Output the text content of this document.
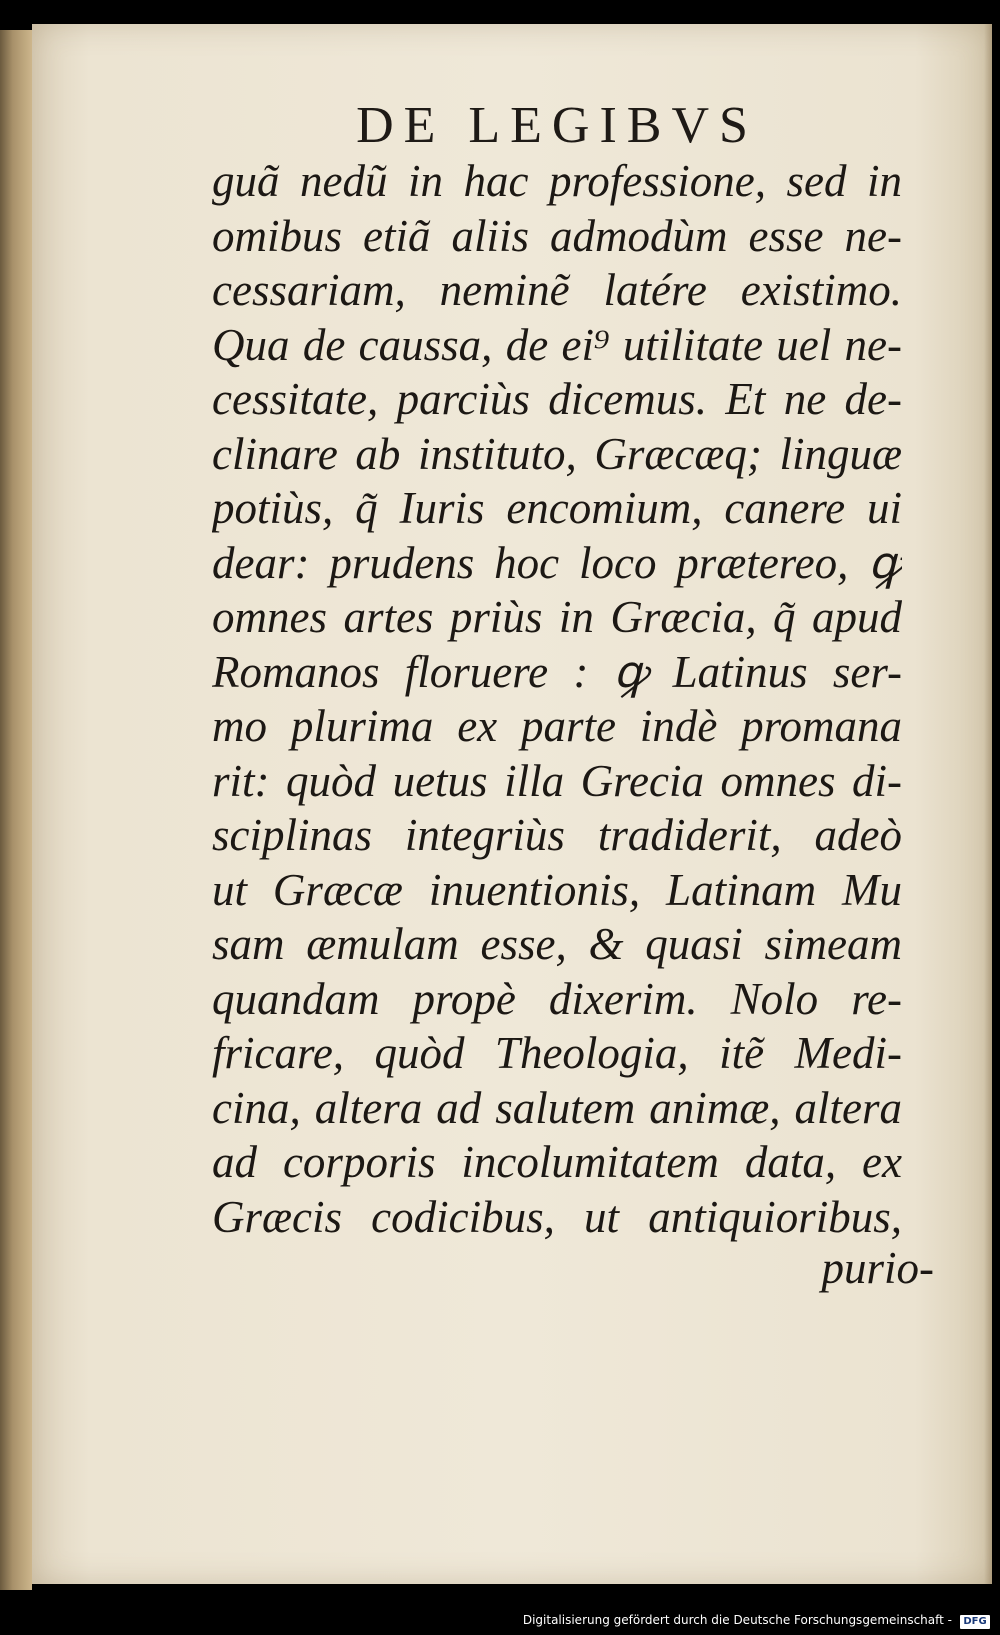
DE LEGIBVS
guã nedũ in hac professione, sed in
omibus etiã aliis admodùm esse ne-
cessariam, neminẽ latére existimo.
Qua de caussa, de ei⁹ utilitate uel ne-
cessitate, parciùs dicemus. Et ne de-
clinare ab instituto, Græcæq; linguæ
potiùs, q̃ Iuris encomium, canere ui
dear: prudens hoc loco prætereo, ꝙ
omnes artes priùs in Græcia, q̃ apud
Romanos floruere : ꝙ Latinus ser-
mo plurima ex parte indè promana
rit: quòd uetus illa Grecia omnes di-
sciplinas integriùs tradiderit, adeò
ut Græcæ inuentionis, Latinam Mu
sam æmulam esse, & quasi simeam
quandam propè dixerim. Nolo re-
fricare, quòd Theologia, itẽ Medi-
cina, altera ad salutem animæ, altera
ad corporis incolumitatem data, ex
Græcis codicibus, ut antiquioribus,
purio-
Digitalisierung gefördert durch die Deutsche Forschungsgemeinschaft -	DFG
